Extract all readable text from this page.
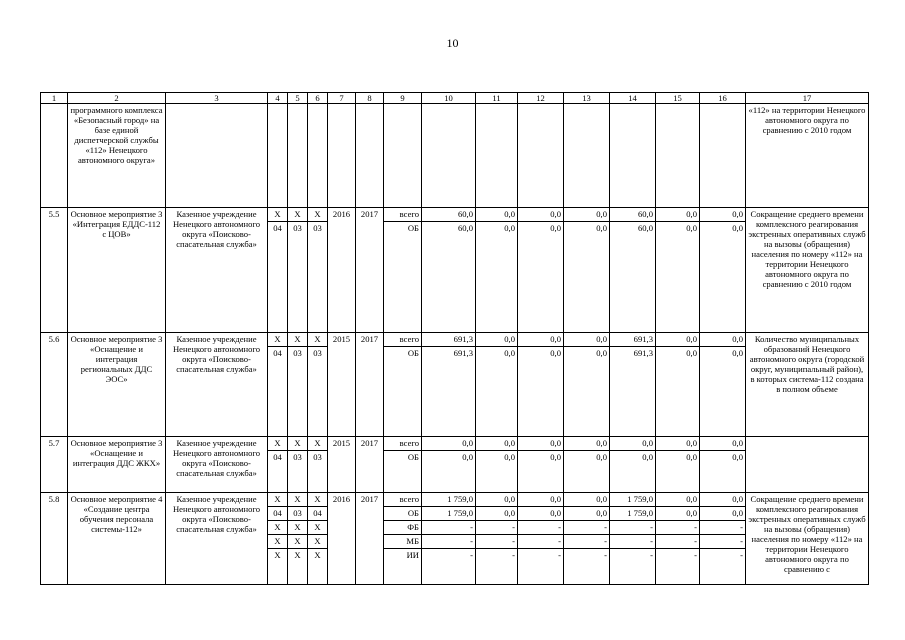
10
1	2	3	4	5	6	7	8	9	10	11	12	13	14	15	16	17
	программного комплекса «Безопасный город» на базе единой диспетчерской службы «112» Ненецкого автономного округа»															«112» на территории Ненецкого автономного округа по сравнению с 2010 годом
5.5	Основное мероприятие 3 «Интеграция ЕДДС-112 с ЦОВ»	Казенное учреждение Ненецкого автономного округа «Поисково-спасательная служба»	Х	Х	Х	2016	2017	всего	60,0	0,0	0,0	0,0	60,0	0,0	0,0	Сокращение среднего времени комплексного реагирования экстренных оперативных служб на вызовы (обращения) населения по номеру «112» на территории Ненецкого автономного округа по сравнению с 2010 годом
			04	03	03			ОБ	60,0	0,0	0,0	0,0	60,0	0,0	0,0	
5.6	Основное мероприятие 3 «Оснащение и интеграция региональных ДДС ЭОС»	Казенное учреждение Ненецкого автономного округа «Поисково-спасательная служба»	Х	Х	Х	2015	2017	всего	691,3	0,0	0,0	0,0	691,3	0,0	0,0	Количество муниципальных образований Ненецкого автономного округа (городской округ, муниципальный район), в которых система-112 создана в полном объеме
			04	03	03			ОБ	691,3	0,0	0,0	0,0	691,3	0,0	0,0	
5.7	Основное мероприятие 3 «Оснащение и интеграция ДДС ЖКХ»	Казенное учреждение Ненецкого автономного округа «Поисково-спасательная служба»	Х	Х	Х	2015	2017	всего	0,0	0,0	0,0	0,0	0,0	0,0	0,0	
			04	03	03			ОБ	0,0	0,0	0,0	0,0	0,0	0,0	0,0	
5.8	Основное мероприятие 4 «Создание центра обучения персонала системы-112»	Казенное учреждение Ненецкого автономного округа «Поисково-спасательная служба»	Х	Х	Х	2016	2017	всего	1 759,0	0,0	0,0	0,0	1 759,0	0,0	0,0	Сокращение среднего времени комплексного реагирования экстренных оперативных служб на вызовы (обращения) населения по номеру «112» на территории Ненецкого автономного округа по сравнению с
			04	03	04			ОБ	1 759,0	0,0	0,0	0,0	1 759,0	0,0	0,0	
			Х	Х	Х			ФБ	-	-	-	-	-	-	-	
			Х	Х	Х			МБ	-	-	-	-	-	-	-	
			Х	Х	Х			ИИ	-	-	-	-	-	-	-	
